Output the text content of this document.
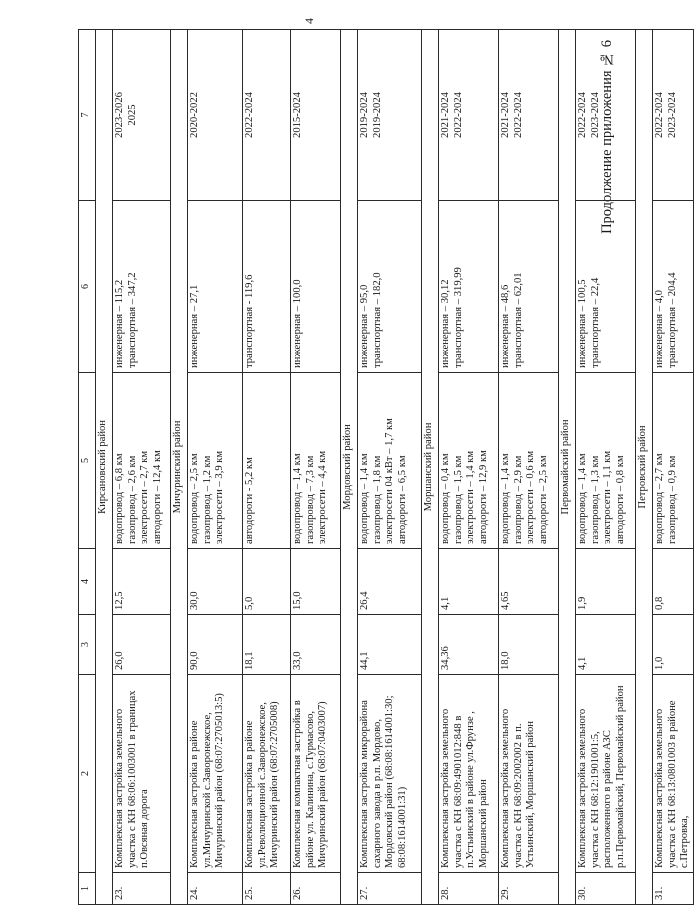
4
Продолжение приложения № 6
1	2	3	4	5	6	7
Кирсановский район						
23.	Комплексная застройка земельного участка с КН 68:06:1003001 в границах п.Овсяная дорога	26,0	12,5	водопровод – 6,8 км газопровод – 2,6 км электросети – 2,7 км автодороги – 12,4 км	инженерная – 115,2 транспортная – 347,2	2023-2026 2025

Мичуринский район						
24.	Комплексная застройка в районе ул.Мичуринской с.Заворонежское, Мичуринский район (68:07:2705013:5)	90,0	30,0	водопровод – 2,5 км газопровод – 1,2 км электросети – 3,9 км	инженерная – 27,1	2020-2022

25.	Комплексная застройка в районе ул.Революционной с.Заворонежское, Мичуринский район (68:07:2705008)	18,1	5,0	автодороги - 5,2 км	транспортная - 119,6	2022-2024

26.	Комплексная компактная застройка в районе ул. Калинина, с.Турмасово, Мичуринский район (68:07:0403007)	33,0	15,0	водопровод – 1,4 км газопровод – 7,3 км электросети – 4,4 км	инженерная – 100,0	2015-2024

Мордовский район						
27.	Комплексная застройка микрорайона сахарного завода в р.п. Мордово, Мордовский район (68:08:1614001:30; 68:08:1614001:31)	44,1	26,4	водопровод – 1,4 км газопровод – 1,8 км электросети 04 кВт – 1,7 км автодороги – 6,5 км	инженерная – 95,0 транспортная – 182,0	2019-2024 2019-2024

Моршанский район						
28.	Комплексная застройка земельного участка с КН 68:09:4901012:848 в п.Устьинский в районе ул.Фрунзе , Моршанский район	34,36	4,1	водопровод – 0,4 км газопровод – 1,5 км электросети – 1,4 км автодороги – 12,9 км	инженерная – 30,12 транспортная – 319,99	2021-2024 2022-2024

29.	Комплексная застройка земельного участка с КН 68:09:2002002 в п. Устьинский, Моршанский район	18,0	4,65	водопровод – 1,4 км газопровод – 2,9 км электросети – 0,6 км автодороги – 2,5 км	инженерная – 48,6 транспортная – 62,01	2021-2024 2022-2024

Первомайский район						
30.	Комплексная застройка земельного участка с КН 68:12:1901001:5, расположенного в районе АЗС р.п.Первомайский, Первомайский район	4,1	1,9	водопровод – 1,4 км газопровод – 1,3 км электросети – 1,1 км автодороги – 0,8 км	инженерная – 100,5 транспортная – 22,4	2022-2024 2023-2024

Петровский район						
31.	Комплексная застройка земельного участка с КН 68:13:0801003 в районе с.Петровка,	1,0	0,8	водопровод – 2,7 км газопровод – 0,9 км	инженерная – 4,0 транспортная – 204,4	2022-2024 2023-2024
